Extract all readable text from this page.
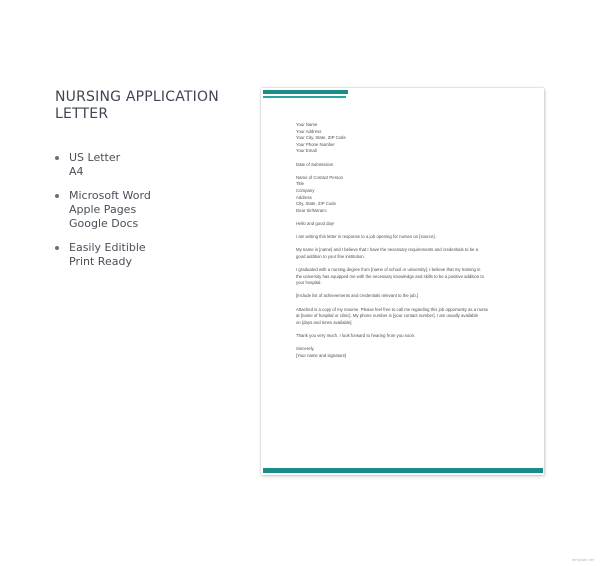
NURSING APPLICATION
LETTER
US Letter
A4
Microsoft Word
Apple Pages
Google Docs
Easily Editible
Print Ready
Your Name
Your Address
Your City, State, ZIP Code
Your Phone Number
Your Email
Date of Submission
Name of Contact Person
Title
Company
Address
City, State, ZIP Code
Dear Sir/Ma'am:
Hello and good day!
I am writing this letter in response to a job opening for nurses on [source].
My name is [name] and I believe that I have the necessary requirements and credentials to be a
good addition to your fine institution.
I graduated with a nursing degree from [name of school or university]. I believe that my training in
the university has equipped me with the necessary knowledge and skills to be a positive addition to
your hospital.
[Include list of achievements and credentials relevant to the job.]
Attached is a copy of my resume. Please feel free to call me regarding this job opportunity as a nurse
at [name of hospital or clinic]. My phone number is [your contact number]. I am usually available
on [days and times available].
Thank you very much. I look forward to hearing from you soon.
Sincerely,
[Your name and signature]
template.net
